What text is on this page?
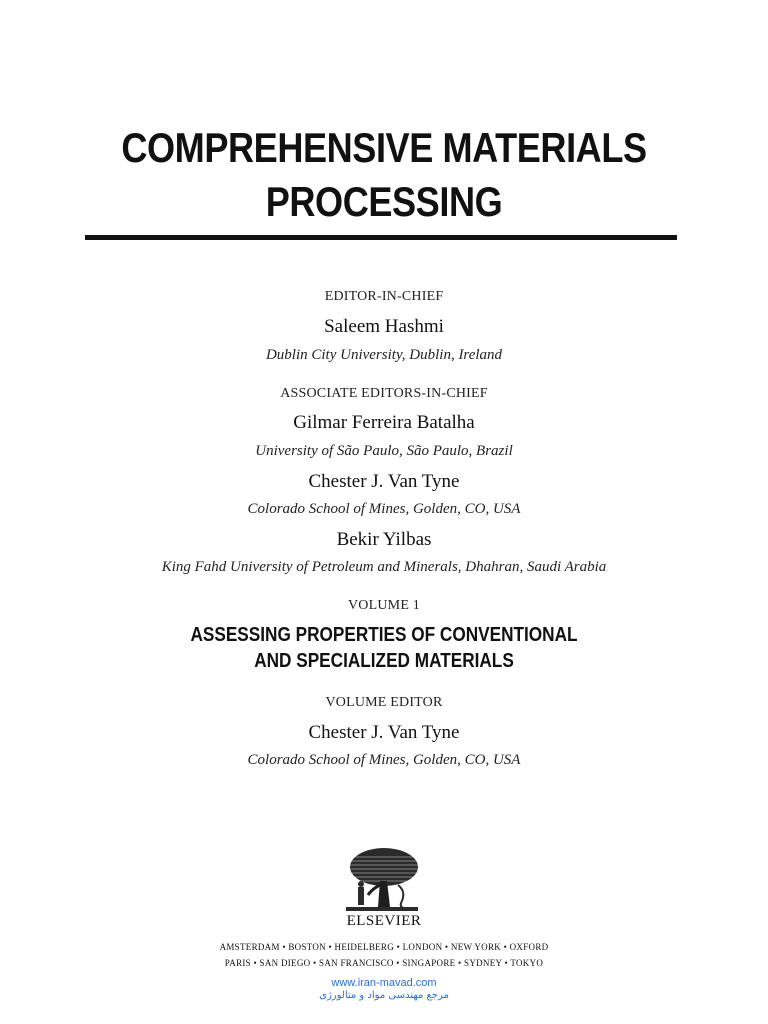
COMPREHENSIVE MATERIALS
PROCESSING
EDITOR-IN-CHIEF
Saleem Hashmi
Dublin City University, Dublin, Ireland
ASSOCIATE EDITORS-IN-CHIEF
Gilmar Ferreira Batalha
University of São Paulo, São Paulo, Brazil
Chester J. Van Tyne
Colorado School of Mines, Golden, CO, USA
Bekir Yilbas
King Fahd University of Petroleum and Minerals, Dhahran, Saudi Arabia
VOLUME 1
ASSESSING PROPERTIES OF CONVENTIONAL
AND SPECIALIZED MATERIALS
VOLUME EDITOR
Chester J. Van Tyne
Colorado School of Mines, Golden, CO, USA
ELSEVIER
AMSTERDAM • BOSTON • HEIDELBERG • LONDON • NEW YORK • OXFORD
PARIS • SAN DIEGO • SAN FRANCISCO • SINGAPORE • SYDNEY • TOKYO
www.iran-mavad.com
مرجع مهندسی مواد و متالورژی
